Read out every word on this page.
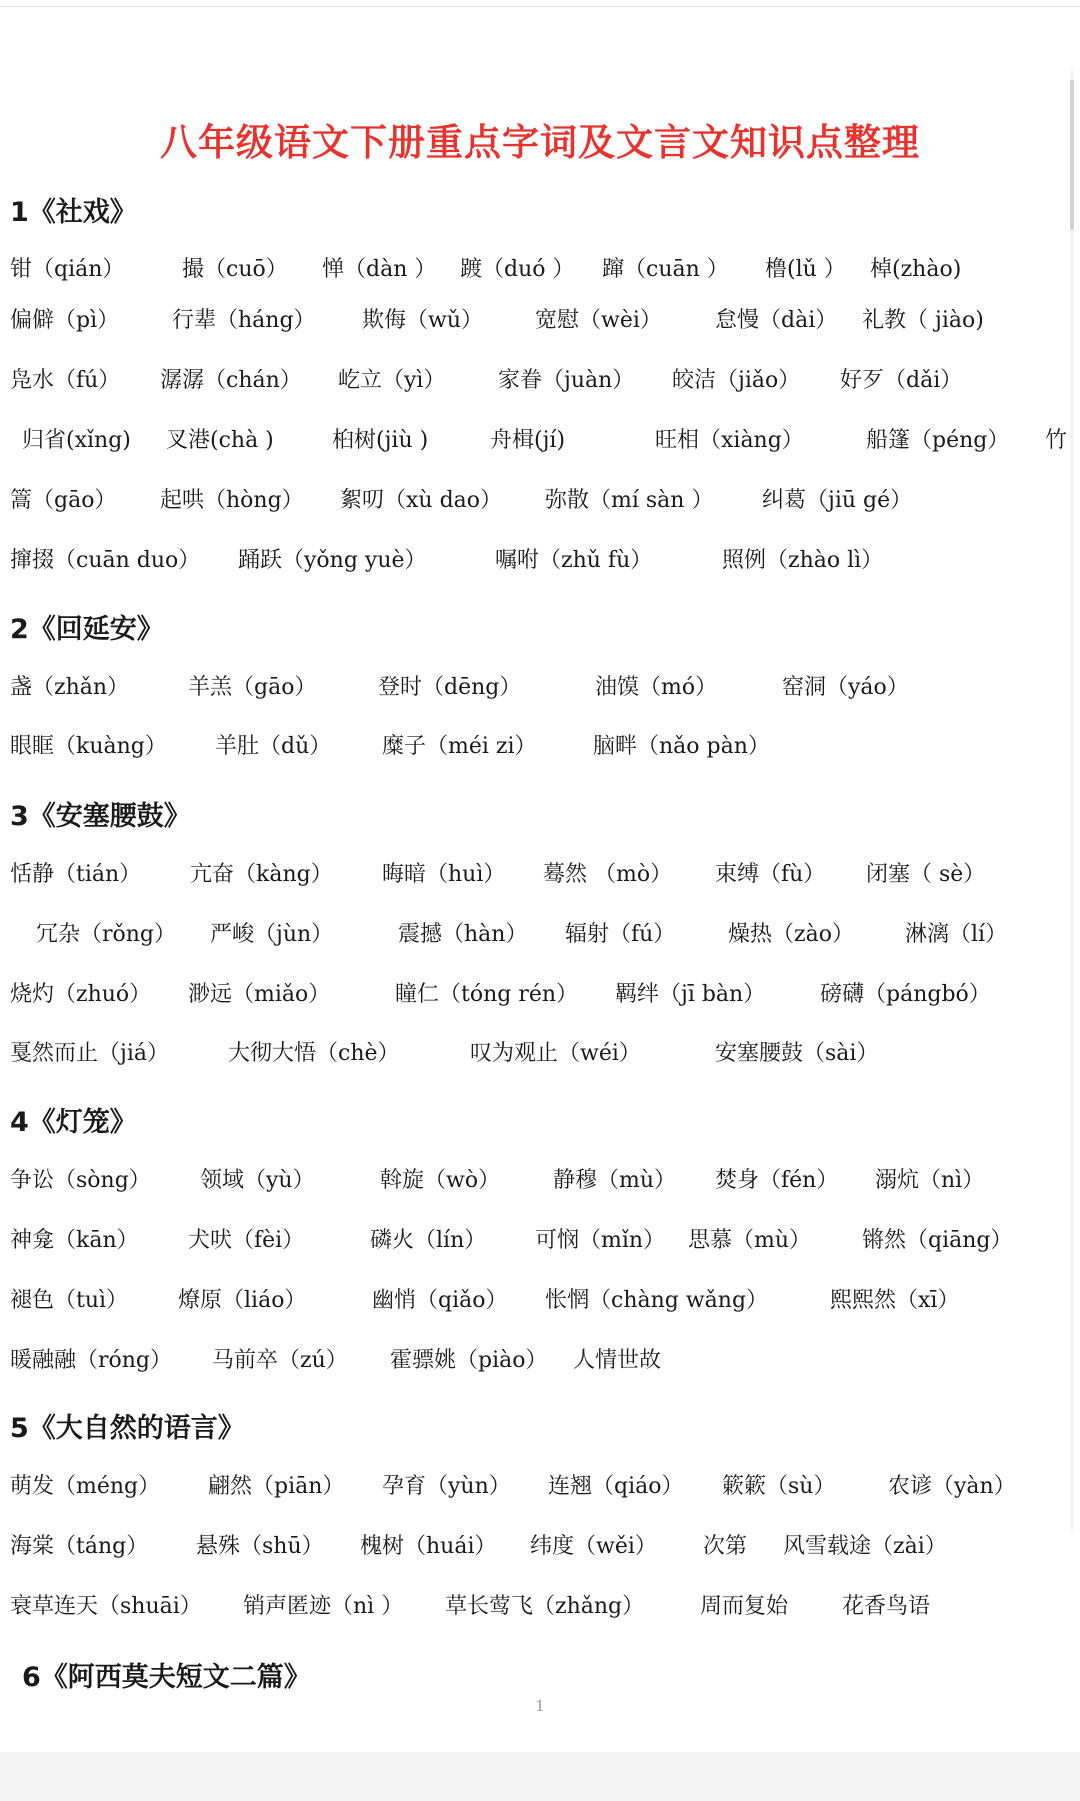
八年级语文下册重点字词及文言文知识点整理
1《社戏》
钳（qián）	撮（cuō） 惮（dàn ） 踱（duó ） 蹿（cuān ） 橹(lǔ ） 棹(zhào)
偏僻（pì） 行辈（háng） 欺侮（wǔ） 宽慰（wèi） 怠慢（dài） 礼教（ jiào)
凫水（fú） 潺潺（chán） 屹立（yì） 家眷（juàn） 皎洁（jiǎo） 好歹（dǎi）
归省(xǐng) 叉港(chà )	桕树(jiù )	舟楫(jí)	旺相（xiàng）	船篷（péng） 竹
篙（gāo） 起哄（hòng） 絮叨（xù dao） 弥散（mí sàn ） 纠葛（jiū gé）
撺掇（cuān duo） 踊跃（yǒng yuè）	嘱咐（zhǔ fù）	照例（zhào lì）
2《回延安》
盏（zhǎn）	羊羔（gāo）	登时（dēng）	油馍（mó）	窑洞（yáo）
眼眶（kuàng） 羊肚（dǔ） 糜子（méi zi）	脑畔（nǎo pàn）
3《安塞腰鼓》
恬静（tián） 亢奋（kàng） 晦暗（huì） 蓦然 （mò） 束缚（fù） 闭塞（ sè）
冗杂（rǒng） 严峻（jùn）	震撼（hàn） 辐射（fú） 燥热（zào） 淋漓（lí）
烧灼（zhuó） 渺远（miǎo）	瞳仁（tóng rén） 羁绊（jī bàn） 磅礴（pángbó）
戛然而止（jiá）	大彻大悟（chè）	叹为观止（wéi）	安塞腰鼓（sài）
4《灯笼》
争讼（sòng） 领域（yù）	斡旋（wò） 静穆（mù） 焚身（fén） 溺炕（nì）
神龛（kān） 犬吠（fèi）	磷火（lín） 可悯（mǐn） 思慕（mù） 锵然（qiāng）
褪色（tuì） 燎原（liáo）	幽悄（qiǎo） 怅惘（chàng wǎng）	熙熙然（xī）
暖融融（róng） 马前卒（zú） 霍骠姚（piào） 人情世故
5《大自然的语言》
萌发（méng） 翩然（piān） 孕育（yùn） 连翘（qiáo） 簌簌（sù） 农谚（yàn）
海棠（táng） 悬殊（shū） 槐树（huái） 纬度（wěi） 次第 风雪载途（zài）
衰草连天（shuāi） 销声匿迹（nì ） 草长莺飞（zhǎng）	周而复始 花香鸟语
6《阿西莫夫短文二篇》
1
